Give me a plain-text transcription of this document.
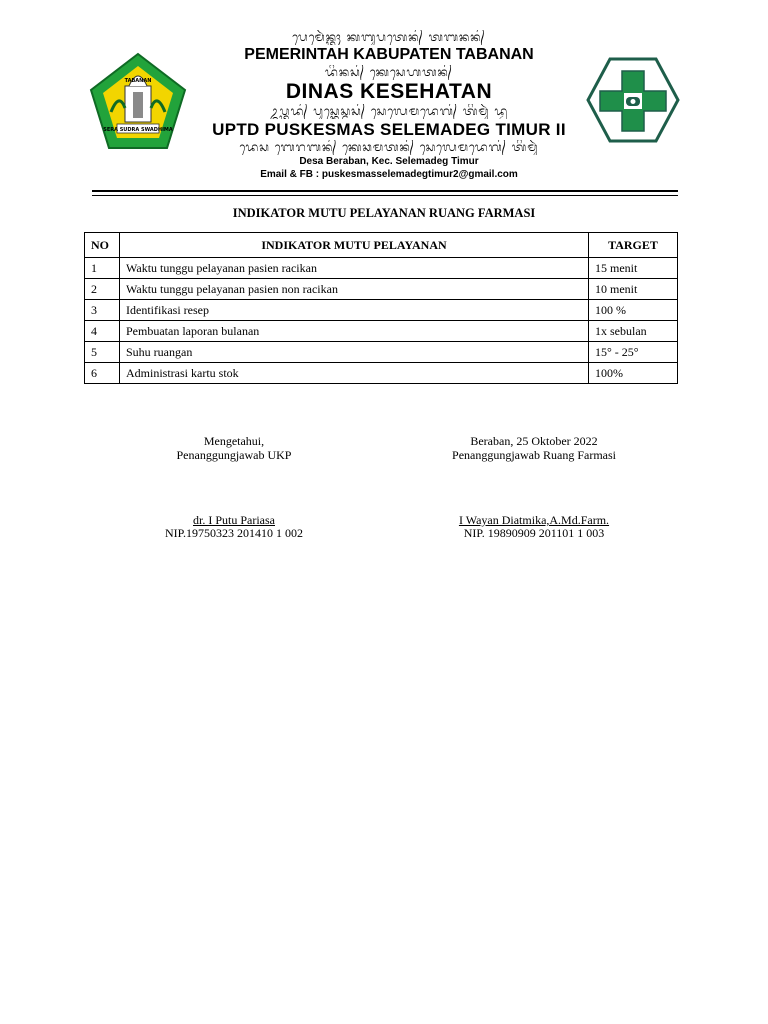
SERA SUDRA SWADHIMA
TABANAN
ᬧᬾᬫᬾᬃᬦ᭄ᬢᬄ ᬓᬩᬸᬧᬢᬾᬦ᭄ ᬢᬩᬦᬦ᭄
PEMERINTAH KABUPATEN TABANAN
ᬤᬶᬦᬲ᭄ ᬓᬾᬲᬾᬳᬢᬦ᭄
DINAS KESEHATAN
ᬉᬧ᭄ᬢᬤ᭄ ᬧᬸᬲ᭄ᬓᬾᬲ᭄ᬫᬲ᭄ ᬲᬾᬮᬾᬫᬤᬾᬕ᭄ ᬢᬶᬫᬸᬃ ᬤ᭄ᬯ
UPTD PUSKESMAS SELEMADEG TIMUR II
ᬤᬾᬲ ᬩᬾᬭᬩᬦ᭄ ᬓᬾᬘᬫᬢᬦ᭄ ᬲᬾᬮᬾᬫᬤᬾᬕ᭄ ᬢᬶᬫᬸᬃ
Desa Beraban, Kec. Selemadeg Timur
Email & FB : puskesmasselemadegtimur2@gmail.com
INDIKATOR MUTU PELAYANAN RUANG FARMASI
NO	INDIKATOR MUTU PELAYANAN	TARGET
1	Waktu tunggu pelayanan pasien racikan	15 menit
2	Waktu tunggu pelayanan pasien non racikan	10 menit
3	Identifikasi resep	100 %
4	Pembuatan laporan bulanan	1x sebulan
5	Suhu ruangan	15° - 25°
6	Administrasi kartu stok	100%
Mengetahui,
Penanggungjawab UKP
Beraban, 25 Oktober 2022
Penanggungjawab Ruang Farmasi
dr. I Putu Pariasa
NIP.19750323 201410 1 002
I Wayan Diatmika,A.Md.Farm.
NIP. 19890909 201101 1 003
